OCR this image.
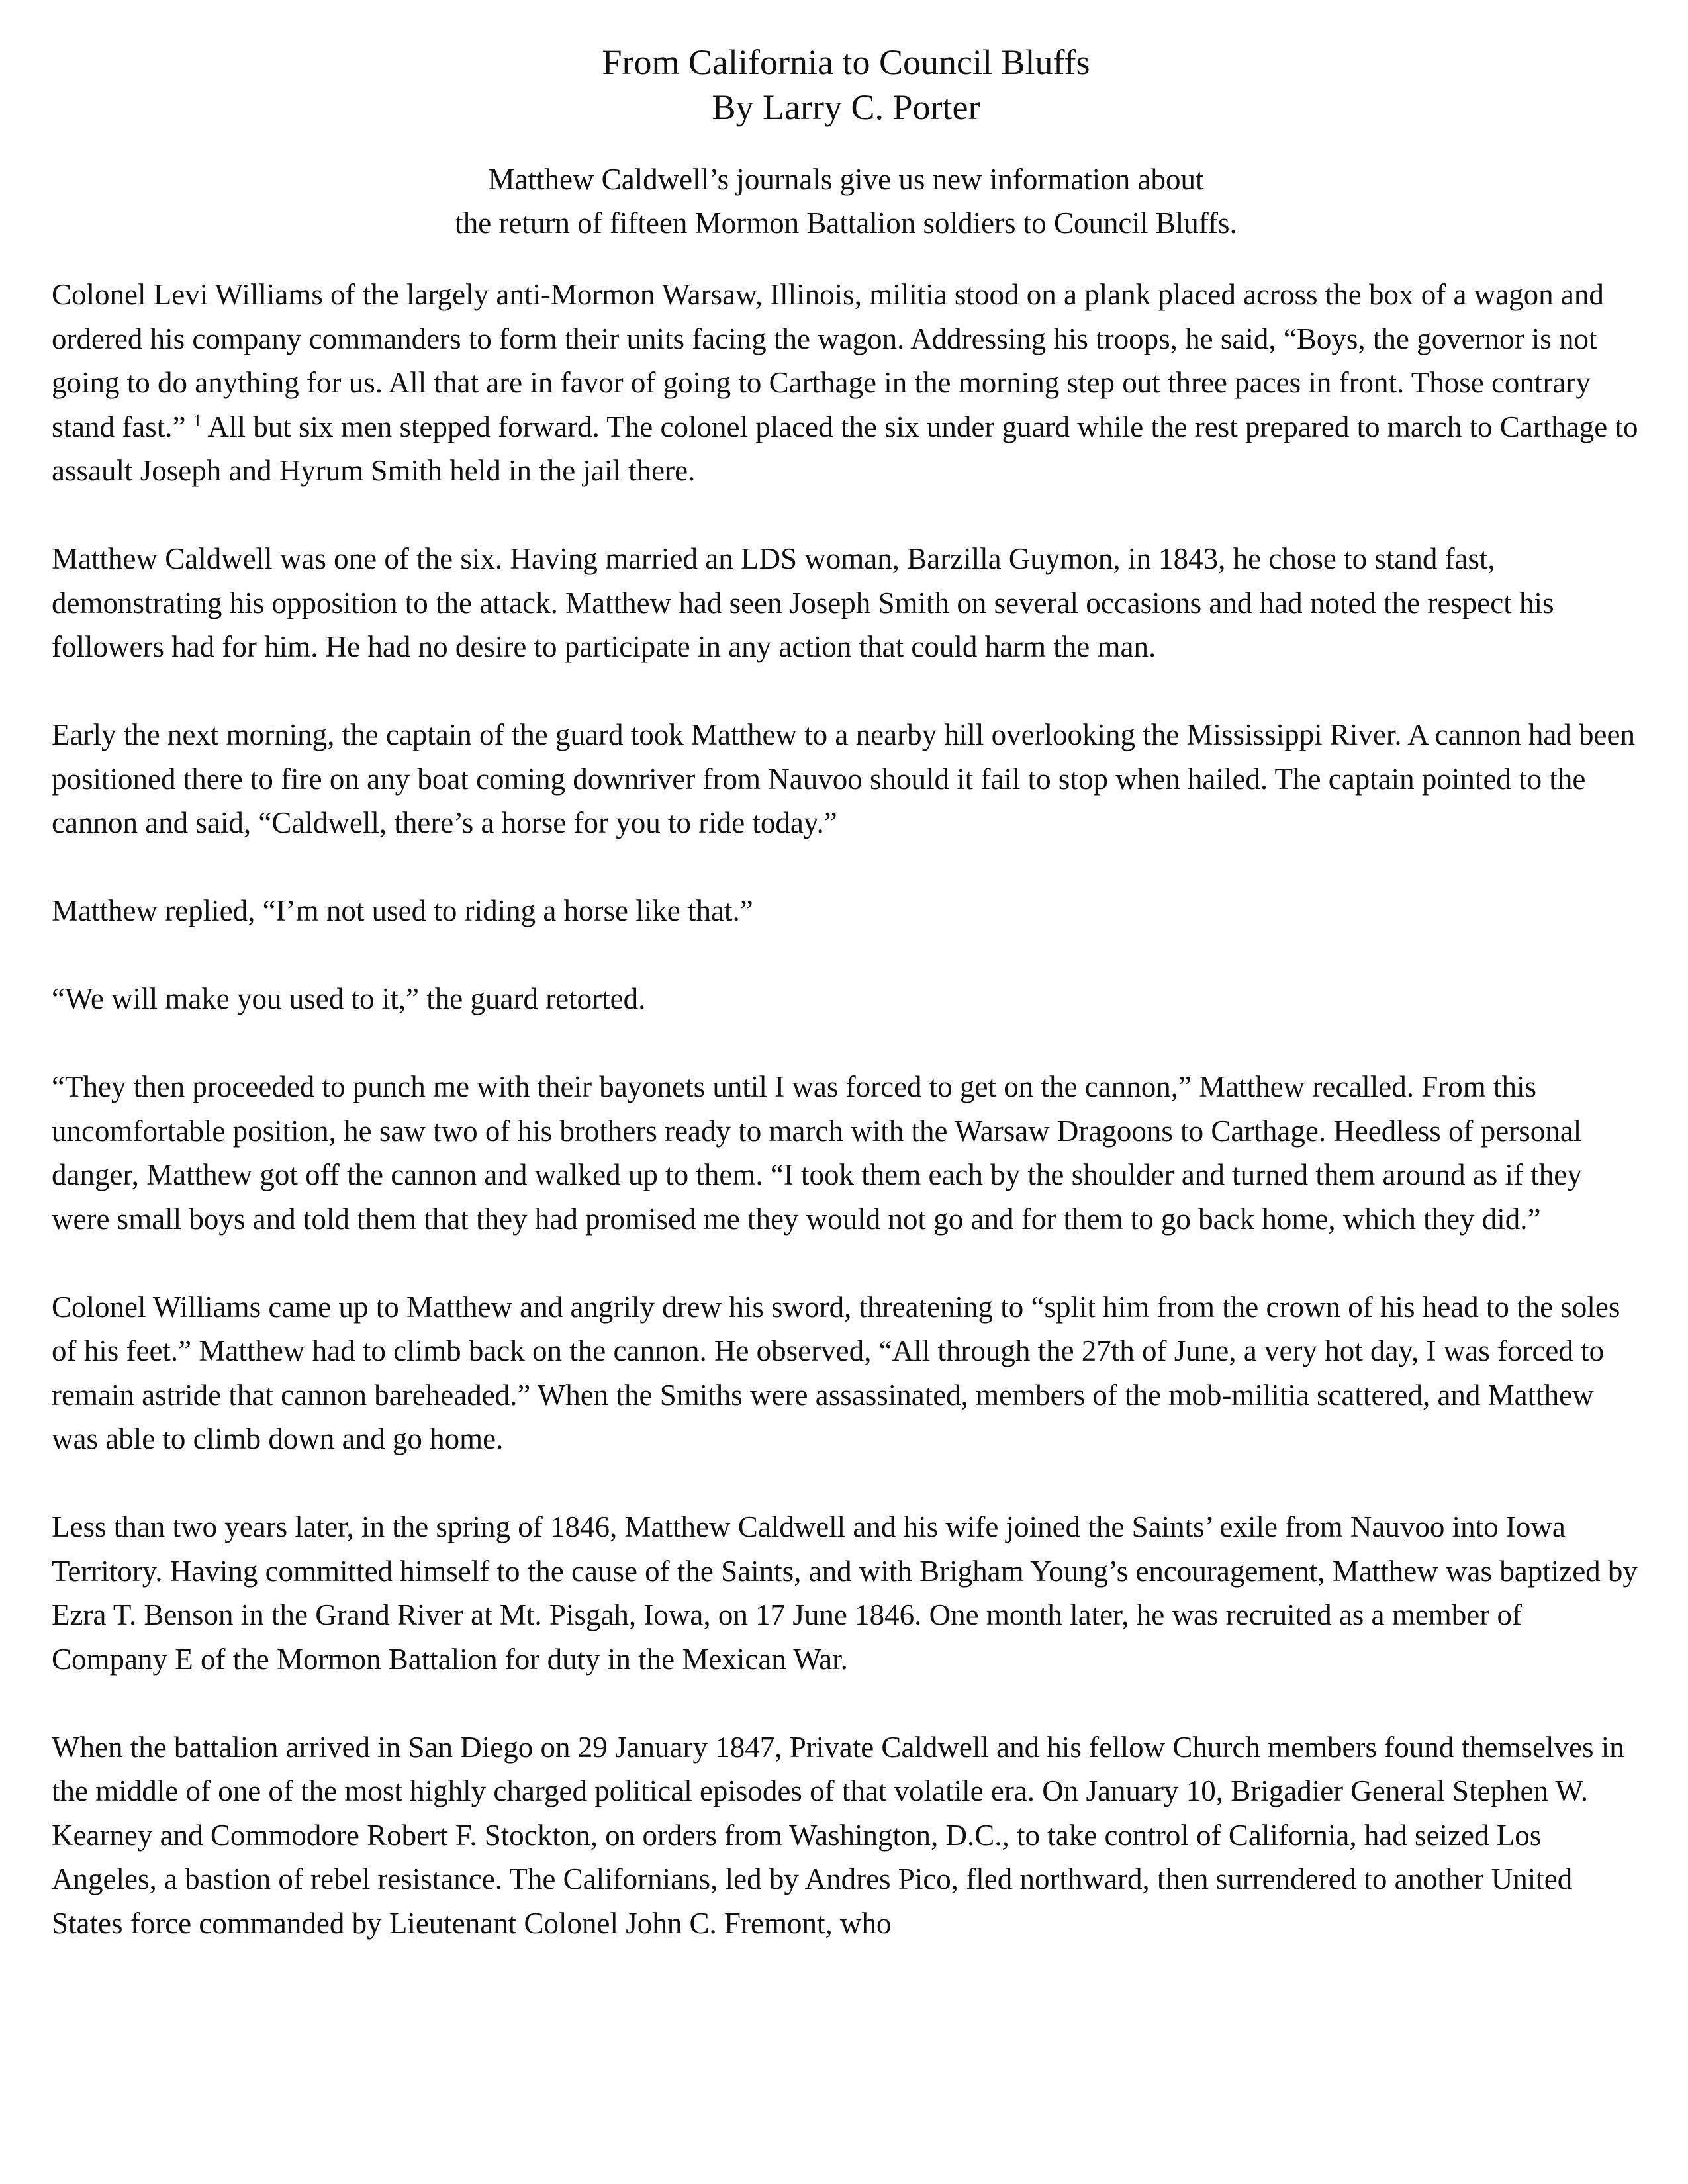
From California to Council Bluffs
By Larry C. Porter
Matthew Caldwell’s journals give us new information about
the return of fifteen Mormon Battalion soldiers to Council Bluffs.

Colonel Levi Williams of the largely anti-Mormon Warsaw, Illinois, militia stood on a plank placed across the box of a wagon and ordered his company commanders to form their units facing the wagon. Addressing his troops, he said, “Boys, the governor is not going to do anything for us. All that are in favor of going to Carthage in the morning step out three paces in front. Those contrary stand fast.” $^1$ All but six men stepped forward. The colonel placed the six under guard while the rest prepared to march to Carthage to assault Joseph and Hyrum Smith held in the jail there.

Matthew Caldwell was one of the six. Having married an LDS woman, Barzilla Guymon, in 1843, he chose to stand fast, demonstrating his opposition to the attack. Matthew had seen Joseph Smith on several occasions and had noted the respect his followers had for him. He had no desire to participate in any action that could harm the man.

Early the next morning, the captain of the guard took Matthew to a nearby hill overlooking the Mississippi River. A cannon had been positioned there to fire on any boat coming downriver from Nauvoo should it fail to stop when hailed. The captain pointed to the cannon and said, “Caldwell, there’s a horse for you to ride today.”

Matthew replied, “I’m not used to riding a horse like that.”

“We will make you used to it,” the guard retorted.

“They then proceeded to punch me with their bayonets until I was forced to get on the cannon,” Matthew recalled. From this uncomfortable position, he saw two of his brothers ready to march with the Warsaw Dragoons to Carthage. Heedless of personal danger, Matthew got off the cannon and walked up to them. “I took them each by the shoulder and turned them around as if they were small boys and told them that they had promised me they would not go and for them to go back home, which they did.”

Colonel Williams came up to Matthew and angrily drew his sword, threatening to “split him from the crown of his head to the soles of his feet.” Matthew had to climb back on the cannon. He observed, “All through the 27th of June, a very hot day, I was forced to remain astride that cannon bareheaded.” When the Smiths were assassinated, members of the mob-militia scattered, and Matthew was able to climb down and go home.

Less than two years later, in the spring of 1846, Matthew Caldwell and his wife joined the Saints’ exile from Nauvoo into Iowa Territory. Having committed himself to the cause of the Saints, and with Brigham Young’s encouragement, Matthew was baptized by Ezra T. Benson in the Grand River at Mt. Pisgah, Iowa, on 17 June 1846. One month later, he was recruited as a member of Company E of the Mormon Battalion for duty in the Mexican War.

When the battalion arrived in San Diego on 29 January 1847, Private Caldwell and his fellow Church members found themselves in the middle of one of the most highly charged political episodes of that volatile era. On January 10, Brigadier General Stephen W. Kearney and Commodore Robert F. Stockton, on orders from Washington, D.C., to take control of California, had seized Los Angeles, a bastion of rebel resistance. The Californians, led by Andres Pico, fled northward, then surrendered to another United States force commanded by Lieutenant Colonel John C. Fremont, who
